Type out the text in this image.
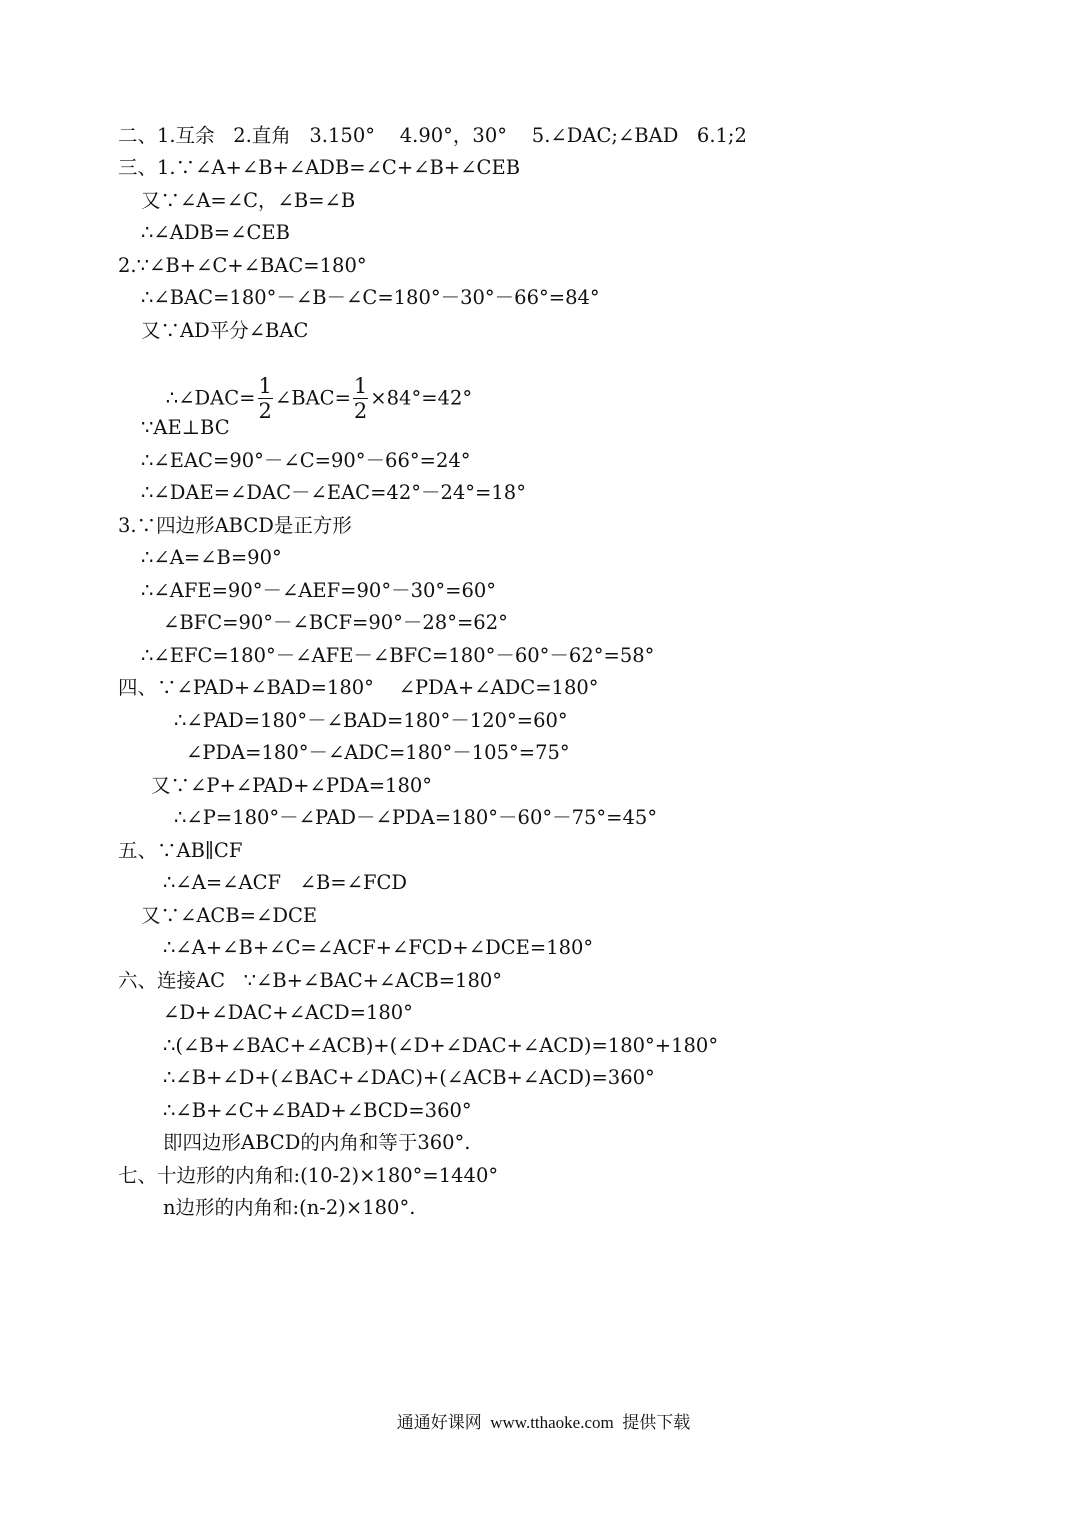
二、1.互余   2.直角   3.150°    4.90°，30°    5.∠DAC;∠BAD   6.1;2
三、1.∵∠A+∠B+∠ADB=∠C+∠B+∠CEB
又∵∠A=∠C，∠B=∠B
∴∠ADB=∠CEB
2.∵∠B+∠C+∠BAC=180°
∴∠BAC=180°－∠B－∠C=180°－30°－66°=84°
又∵AD平分∠BAC

∴∠DAC= $\frac{1}{2}$ ∠BAC= $\frac{1}{2} \times 84^\circ=42^\circ$

∵AE⊥BC
∴∠EAC=90°－∠C=90°－66°=24°
∴∠DAE=∠DAC－∠EAC=42°－24°=18°
3.∵四边形ABCD是正方形
∴∠A=∠B=90°
∴∠AFE=90°－∠AEF=90°－30°=60°
∠BFC=90°－∠BCF=90°－28°=62°
∴∠EFC=180°－∠AFE－∠BFC=180°－60°－62°=58°
四、∵∠PAD+∠BAD=180°    ∠PDA+∠ADC=180°
∴∠PAD=180°－∠BAD=180°－120°=60°
∠PDA=180°－∠ADC=180°－105°=75°
又∵∠P+∠PAD+∠PDA=180°
∴∠P=180°－∠PAD－∠PDA=180°－60°－75°=45°
五、∵AB∥CF
∴∠A=∠ACF   ∠B=∠FCD
又∵∠ACB=∠DCE
∴∠A+∠B+∠C=∠ACF+∠FCD+∠DCE=180°
六、连接AC   ∵∠B+∠BAC+∠ACB=180°
∠D+∠DAC+∠ACD=180°
∴(∠B+∠BAC+∠ACB)+(∠D+∠DAC+∠ACD)=180°+180°
∴∠B+∠D+(∠BAC+∠DAC)+(∠ACB+∠ACD)=360°
∴∠B+∠C+∠BAD+∠BCD=360°
即四边形ABCD的内角和等于360°.
七、十边形的内角和:(10-2)×180°=1440°
n边形的内角和:(n-2)×180°.
通通好课网  www.tthaoke.com  提供下载
